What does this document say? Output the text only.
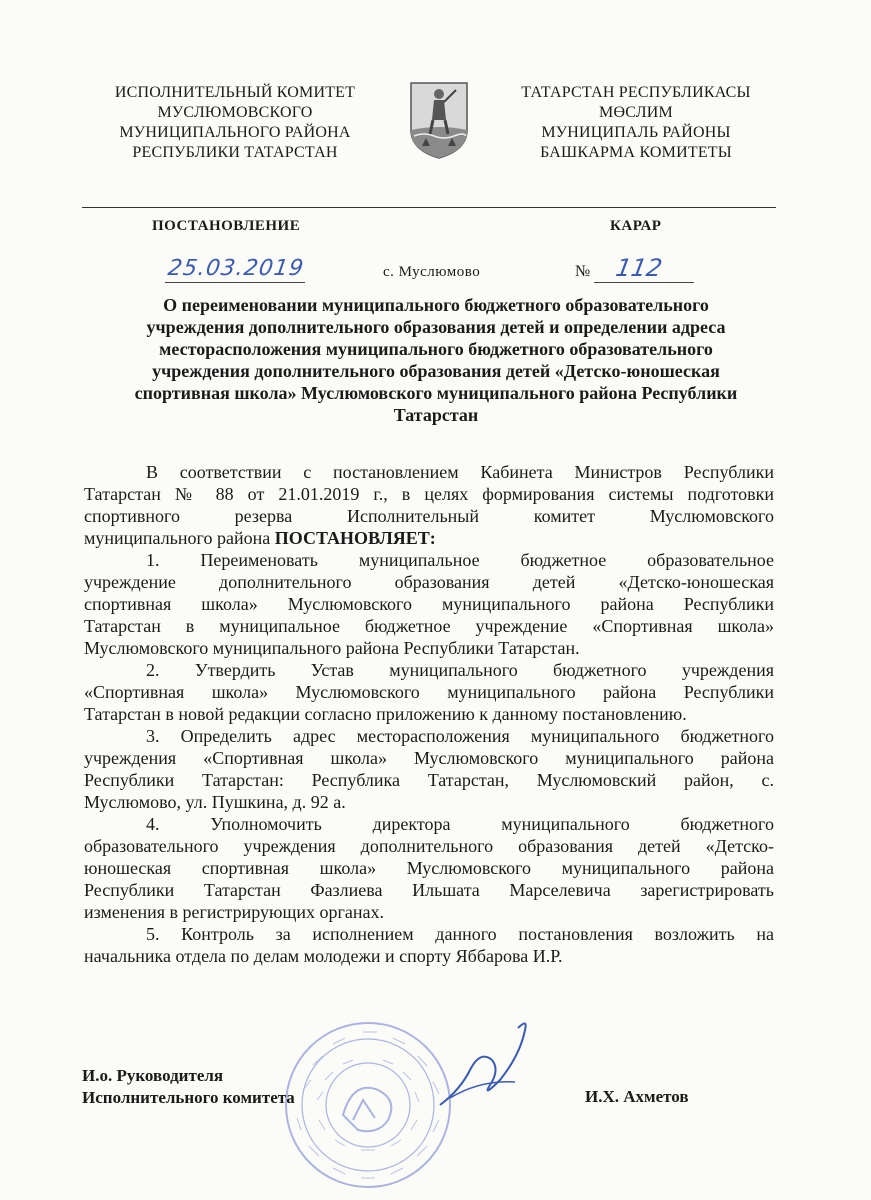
ИСПОЛНИТЕЛЬНЫЙ КОМИТЕТ
МУСЛЮМОВСКОГО
МУНИЦИПАЛЬНОГО РАЙОНА
РЕСПУБЛИКИ ТАТАРСТАН
ТАТАРСТАН РЕСПУБЛИКАСЫ
МӨСЛИМ
МУНИЦИПАЛЬ РАЙОНЫ
БАШКАРМА КОМИТЕТЫ
ПОСТАНОВЛЕНИЕ	КАРАР
25.03.2019	с. Муслюмово	№ 112
О переименовании муниципального бюджетного образовательного
учреждения дополнительного образования детей и определении адреса
месторасположения муниципального бюджетного образовательного
учреждения дополнительного образования детей «Детско-юношеская
спортивная школа» Муслюмовского муниципального района Республики
Татарстан
В соответствии с постановлением Кабинета Министров Республики
Татарстан № 88 от 21.01.2019 г., в целях формирования системы подготовки
спортивного резерва Исполнительный комитет Муслюмовского
муниципального района ПОСТАНОВЛЯЕТ:
1. Переименовать муниципальное бюджетное образовательное
учреждение дополнительного образования детей «Детско-юношеская
спортивная школа» Муслюмовского муниципального района Республики
Татарстан в муниципальное бюджетное учреждение «Спортивная школа»
Муслюмовского муниципального района Республики Татарстан.
2. Утвердить Устав муниципального бюджетного учреждения
«Спортивная школа» Муслюмовского муниципального района Республики
Татарстан в новой редакции согласно приложению к данному постановлению.
3. Определить адрес месторасположения муниципального бюджетного
учреждения «Спортивная школа» Муслюмовского муниципального района
Республики Татарстан: Республика Татарстан, Муслюмовский район, с.
Муслюмово, ул. Пушкина, д. 92 а.
4. Уполномочить директора муниципального бюджетного
образовательного учреждения дополнительного образования детей «Детско-
юношеская спортивная школа» Муслюмовского муниципального района
Республики Татарстан Фазлиева Ильшата Марселевича зарегистрировать
изменения в регистрирующих органах.
5. Контроль за исполнением данного постановления возложить на
начальника отдела по делам молодежи и спорту Яббарова И.Р.
И.о. Руководителя
Исполнительного комитета	И.Х. Ахметов
